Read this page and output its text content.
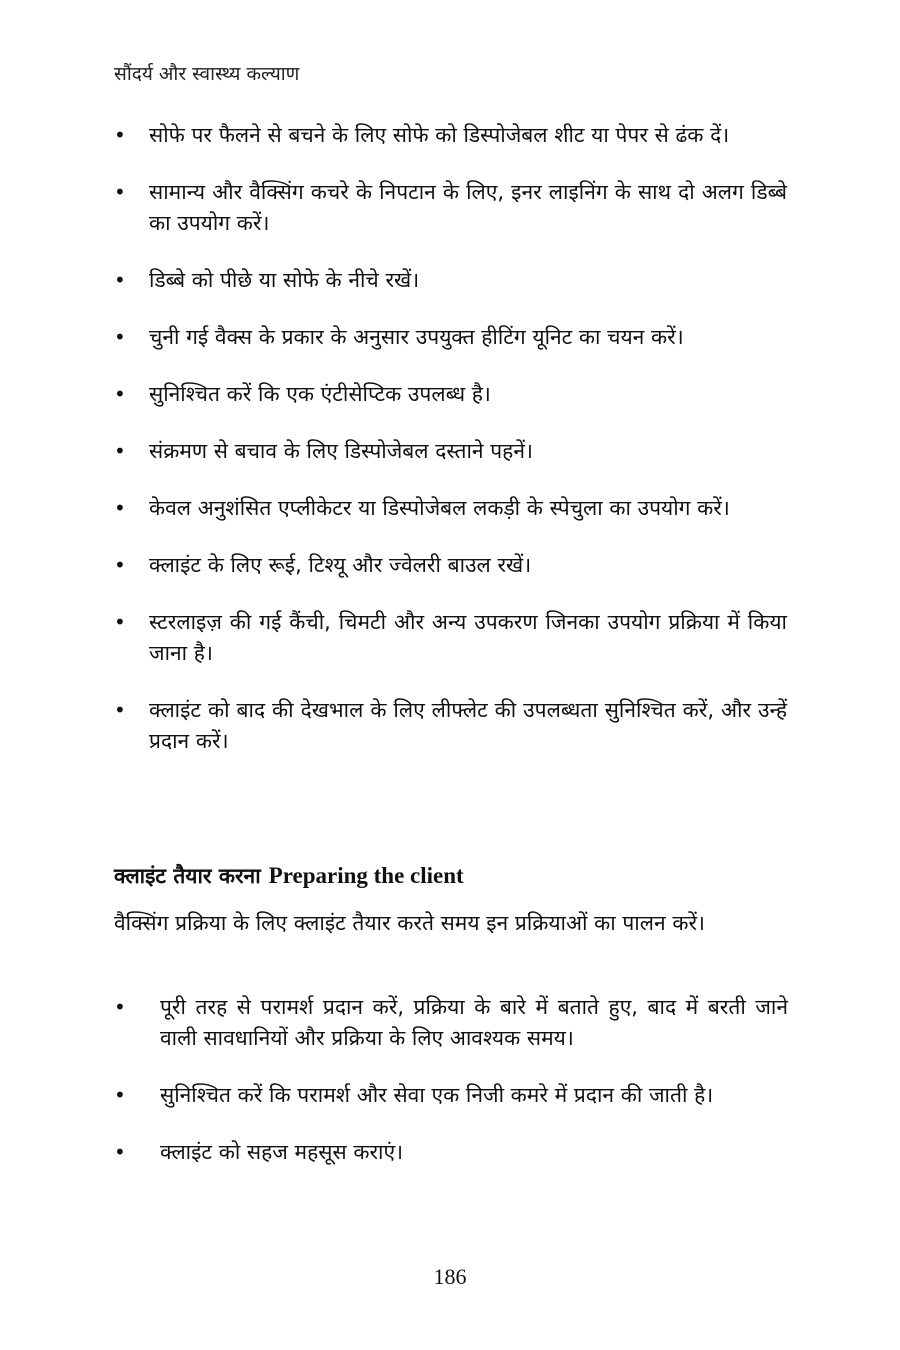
सौंदर्य और स्वास्थ्य कल्याण
• सोफे पर फैलने से बचने के लिए सोफे को डिस्पोजेबल शीट या पेपर से ढंक दें।
• सामान्य और वैक्सिंग कचरे के निपटान के लिए, इनर लाइनिंग के साथ दो अलग डिब्बे का उपयोग करें।
• डिब्बे को पीछे या सोफे के नीचे रखें।
• चुनी गई वैक्स के प्रकार के अनुसार उपयुक्त हीटिंग यूनिट का चयन करें।
• सुनिश्चित करें कि एक एंटीसेप्टिक उपलब्ध है।
• संक्रमण से बचाव के लिए डिस्पोजेबल दस्ताने पहनें।
• केवल अनुशंसित एप्लीकेटर या डिस्पोजेबल लकड़ी के स्पेचुला का उपयोग करें।
• क्लाइंट के लिए रूई, टिश्यू और ज्वेलरी बाउल रखें।
• स्टरलाइज़ की गई कैंची, चिमटी और अन्य उपकरण जिनका उपयोग प्रक्रिया में किया जाना है।
• क्लाइंट को बाद की देखभाल के लिए लीफ्लेट की उपलब्धता सुनिश्चित करें, और उन्हें प्रदान करें।
क्लाइंट तैयार करना Preparing the client

वैक्सिंग प्रक्रिया के लिए क्लाइंट तैयार करते समय इन प्रक्रियाओं का पालन करें।

• पूरी तरह से परामर्श प्रदान करें, प्रक्रिया के बारे में बताते हुए, बाद में बरती जाने वाली सावधानियों और प्रक्रिया के लिए आवश्यक समय।
• सुनिश्चित करें कि परामर्श और सेवा एक निजी कमरे में प्रदान की जाती है।
• क्लाइंट को सहज महसूस कराएं।
186
